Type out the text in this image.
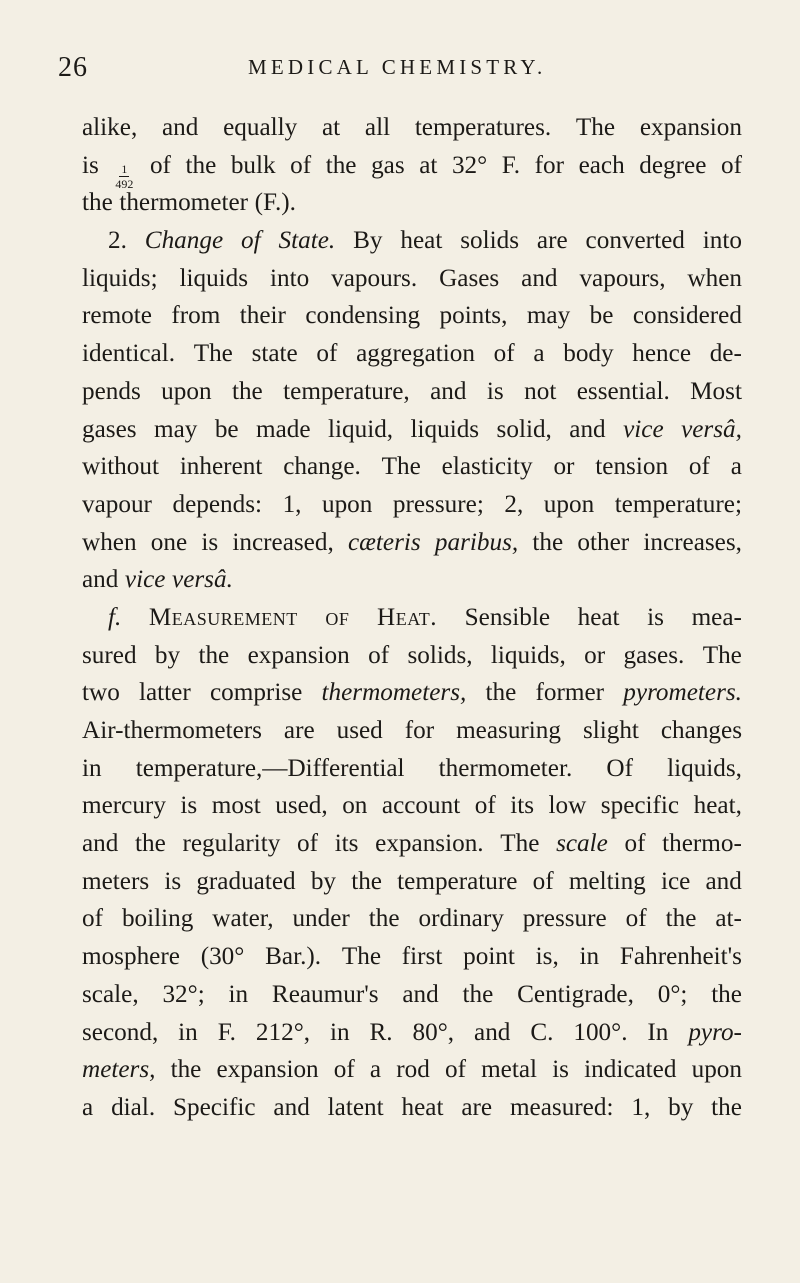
26	MEDICAL CHEMISTRY.
alike, and equally at all temperatures. The expansion
is $\frac{1}{492}$ of the bulk of the gas at 32° F. for each degree of
the thermometer (F.).
2. Change of State. By heat solids are converted into
liquids; liquids into vapours. Gases and vapours, when
remote from their condensing points, may be considered
identical. The state of aggregation of a body hence de-
pends upon the temperature, and is not essential. Most
gases may be made liquid, liquids solid, and vice versâ,
without inherent change. The elasticity or tension of a
vapour depends: 1, upon pressure; 2, upon temperature;
when one is increased, cæteris paribus, the other increases,
and vice versâ.
f. Measurement of Heat. Sensible heat is mea-
sured by the expansion of solids, liquids, or gases. The
two latter comprise thermometers, the former pyrometers.
Air-thermometers are used for measuring slight changes
in temperature,—Differential thermometer. Of liquids,
mercury is most used, on account of its low specific heat,
and the regularity of its expansion. The scale of thermo-
meters is graduated by the temperature of melting ice and
of boiling water, under the ordinary pressure of the at-
mosphere (30° Bar.). The first point is, in Fahrenheit's
scale, 32°; in Reaumur's and the Centigrade, 0°; the
second, in F. 212°, in R. 80°, and C. 100°. In pyro-
meters, the expansion of a rod of metal is indicated upon
a dial. Specific and latent heat are measured: 1, by the
